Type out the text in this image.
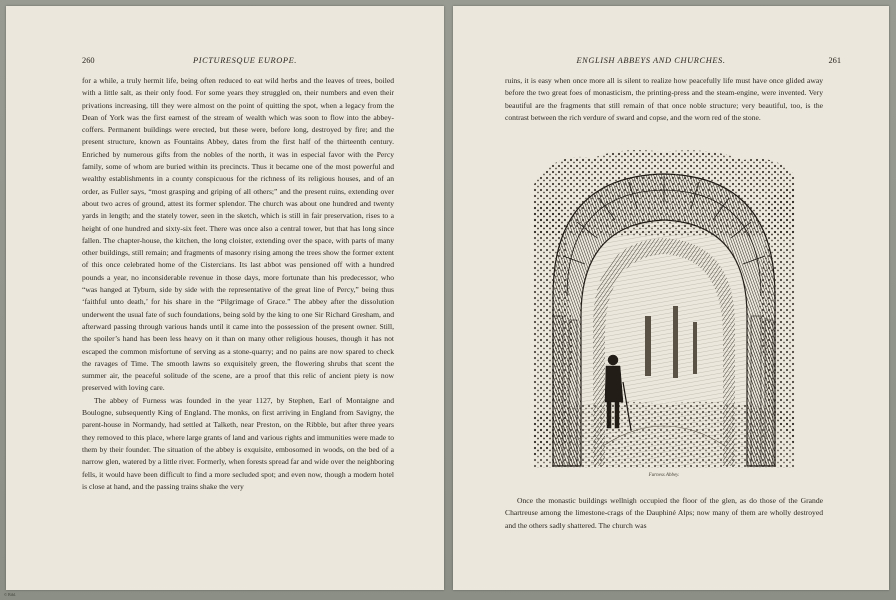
260	PICTURESQUE EUROPE.

for a while, a truly hermit life, being often reduced to eat wild herbs and the leaves of trees, boiled with a little salt, as their only food. For some years they struggled on, their numbers and even their privations increasing, till they were almost on the point of quitting the spot, when a legacy from the Dean of York was the first earnest of the stream of wealth which was soon to flow into the abbey-coffers. Permanent buildings were erected, but these were, before long, destroyed by fire; and the present structure, known as Fountains Abbey, dates from the first half of the thirteenth century. Enriched by numerous gifts from the nobles of the north, it was in especial favor with the Percy family, some of whom are buried within its precincts. Thus it became one of the most powerful and wealthy establishments in a county conspicuous for the richness of its religious houses, and of an order, as Fuller says, “most grasping and griping of all others;” and the present ruins, extending over about two acres of ground, attest its former splendor. The church was about one hundred and twenty yards in length; and the stately tower, seen in the sketch, which is still in fair preservation, rises to a height of one hundred and sixty-six feet. There was once also a central tower, but that has long since fallen. The chapter-house, the kitchen, the long cloister, extending over the space, with parts of many other buildings, still remain; and fragments of masonry rising among the trees show the former extent of this once celebrated home of the Cistercians. Its last abbot was pensioned off with a hundred pounds a year, no inconsiderable revenue in those days, more fortunate than his predecessor, who “was hanged at Tyburn, side by side with the representative of the great line of Percy,” being thus ‘faithful unto death,’ for his share in the “Pilgrimage of Grace.” The abbey after the dissolution underwent the usual fate of such foundations, being sold by the king to one Sir Richard Gresham, and afterward passing through various hands until it came into the possession of the present owner. Still, the spoiler’s hand has been less heavy on it than on many other religious houses, though it has not escaped the common misfortune of serving as a stone-quarry; and no pains are now spared to check the ravages of Time. The smooth lawns so exquisitely green, the flowering shrubs that scent the summer air, the peaceful solitude of the scene, are a proof that this relic of ancient piety is now preserved with loving care.

The abbey of Furness was founded in the year 1127, by Stephen, Earl of Montaigne and Boulogne, subsequently King of England. The monks, on first arriving in England from Savigny, the parent-house in Normandy, had settled at Talketh, near Preston, on the Ribble, but after three years they removed to this place, where large grants of land and various rights and immunities were made to them by their founder. The situation of the abbey is exquisite, embosomed in woods, on the bed of a narrow glen, watered by a little river. Formerly, when forests spread far and wide over the neighboring fells, it would have been difficult to find a more secluded spot; and even now, though a modern hotel is close at hand, and the passing trains shake the very

ENGLISH ABBEYS AND CHURCHES.	261

ruins, it is easy when once more all is silent to realize how peacefully life must have once glided away before the two great foes of monasticism, the printing-press and the steam-engine, were invented. Very beautiful are the fragments that still remain of that once noble structure; very beautiful, too, is the contrast between the rich verdure of sward and copse, and the worn red of the stone.

Furness Abbey.

Once the monastic buildings wellnigh occupied the floor of the glen, as do those of the Grande Chartreuse among the limestone-crags of the Dauphiné Alps; now many of them are wholly destroyed and the others sadly shattered. The church was

© Bibl.
